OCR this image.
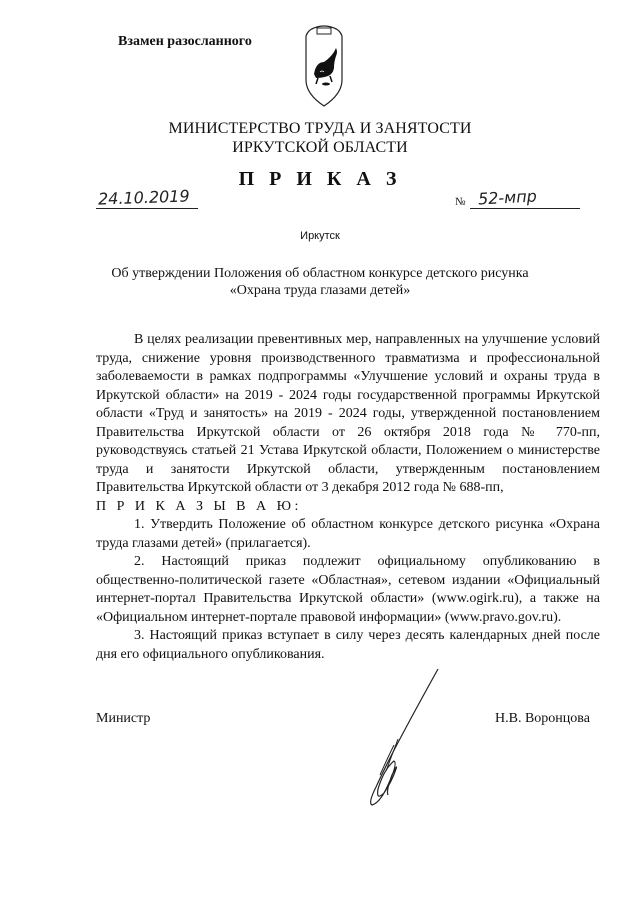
Взамен разосланного
МИНИСТЕРСТВО ТРУДА И ЗАНЯТОСТИ
ИРКУТСКОЙ ОБЛАСТИ
П Р И К А З
24.10.2019	№ 52-мпр
Иркутск
Об утверждении Положения об областном конкурсе детского рисунка
«Охрана труда глазами детей»

В целях реализации превентивных мер, направленных на улучшение условий труда, снижение уровня производственного травматизма и профессиональной заболеваемости в рамках подпрограммы «Улучшение условий и охраны труда в Иркутской области» на 2019 - 2024 годы государственной программы Иркутской области «Труд и занятость» на 2019 - 2024 годы, утвержденной постановлением Правительства Иркутской области от 26 октября 2018 года № 770-пп, руководствуясь статьей 21 Устава Иркутской области, Положением о министерстве труда и занятости Иркутской области, утвержденным постановлением Правительства Иркутской области от 3 декабря 2012 года № 688-пп,

П Р И К А З Ы В А Ю:

1. Утвердить Положение об областном конкурсе детского рисунка «Охрана труда глазами детей» (прилагается).

2. Настоящий приказ подлежит официальному опубликованию в общественно-политической газете «Областная», сетевом издании «Официальный интернет-портал Правительства Иркутской области» (www.ogirk.ru), а также на «Официальном интернет-портале правовой информации» (www.pravo.gov.ru).

3. Настоящий приказ вступает в силу через десять календарных дней после дня его официального опубликования.

Министр	Н.В. Воронцова
